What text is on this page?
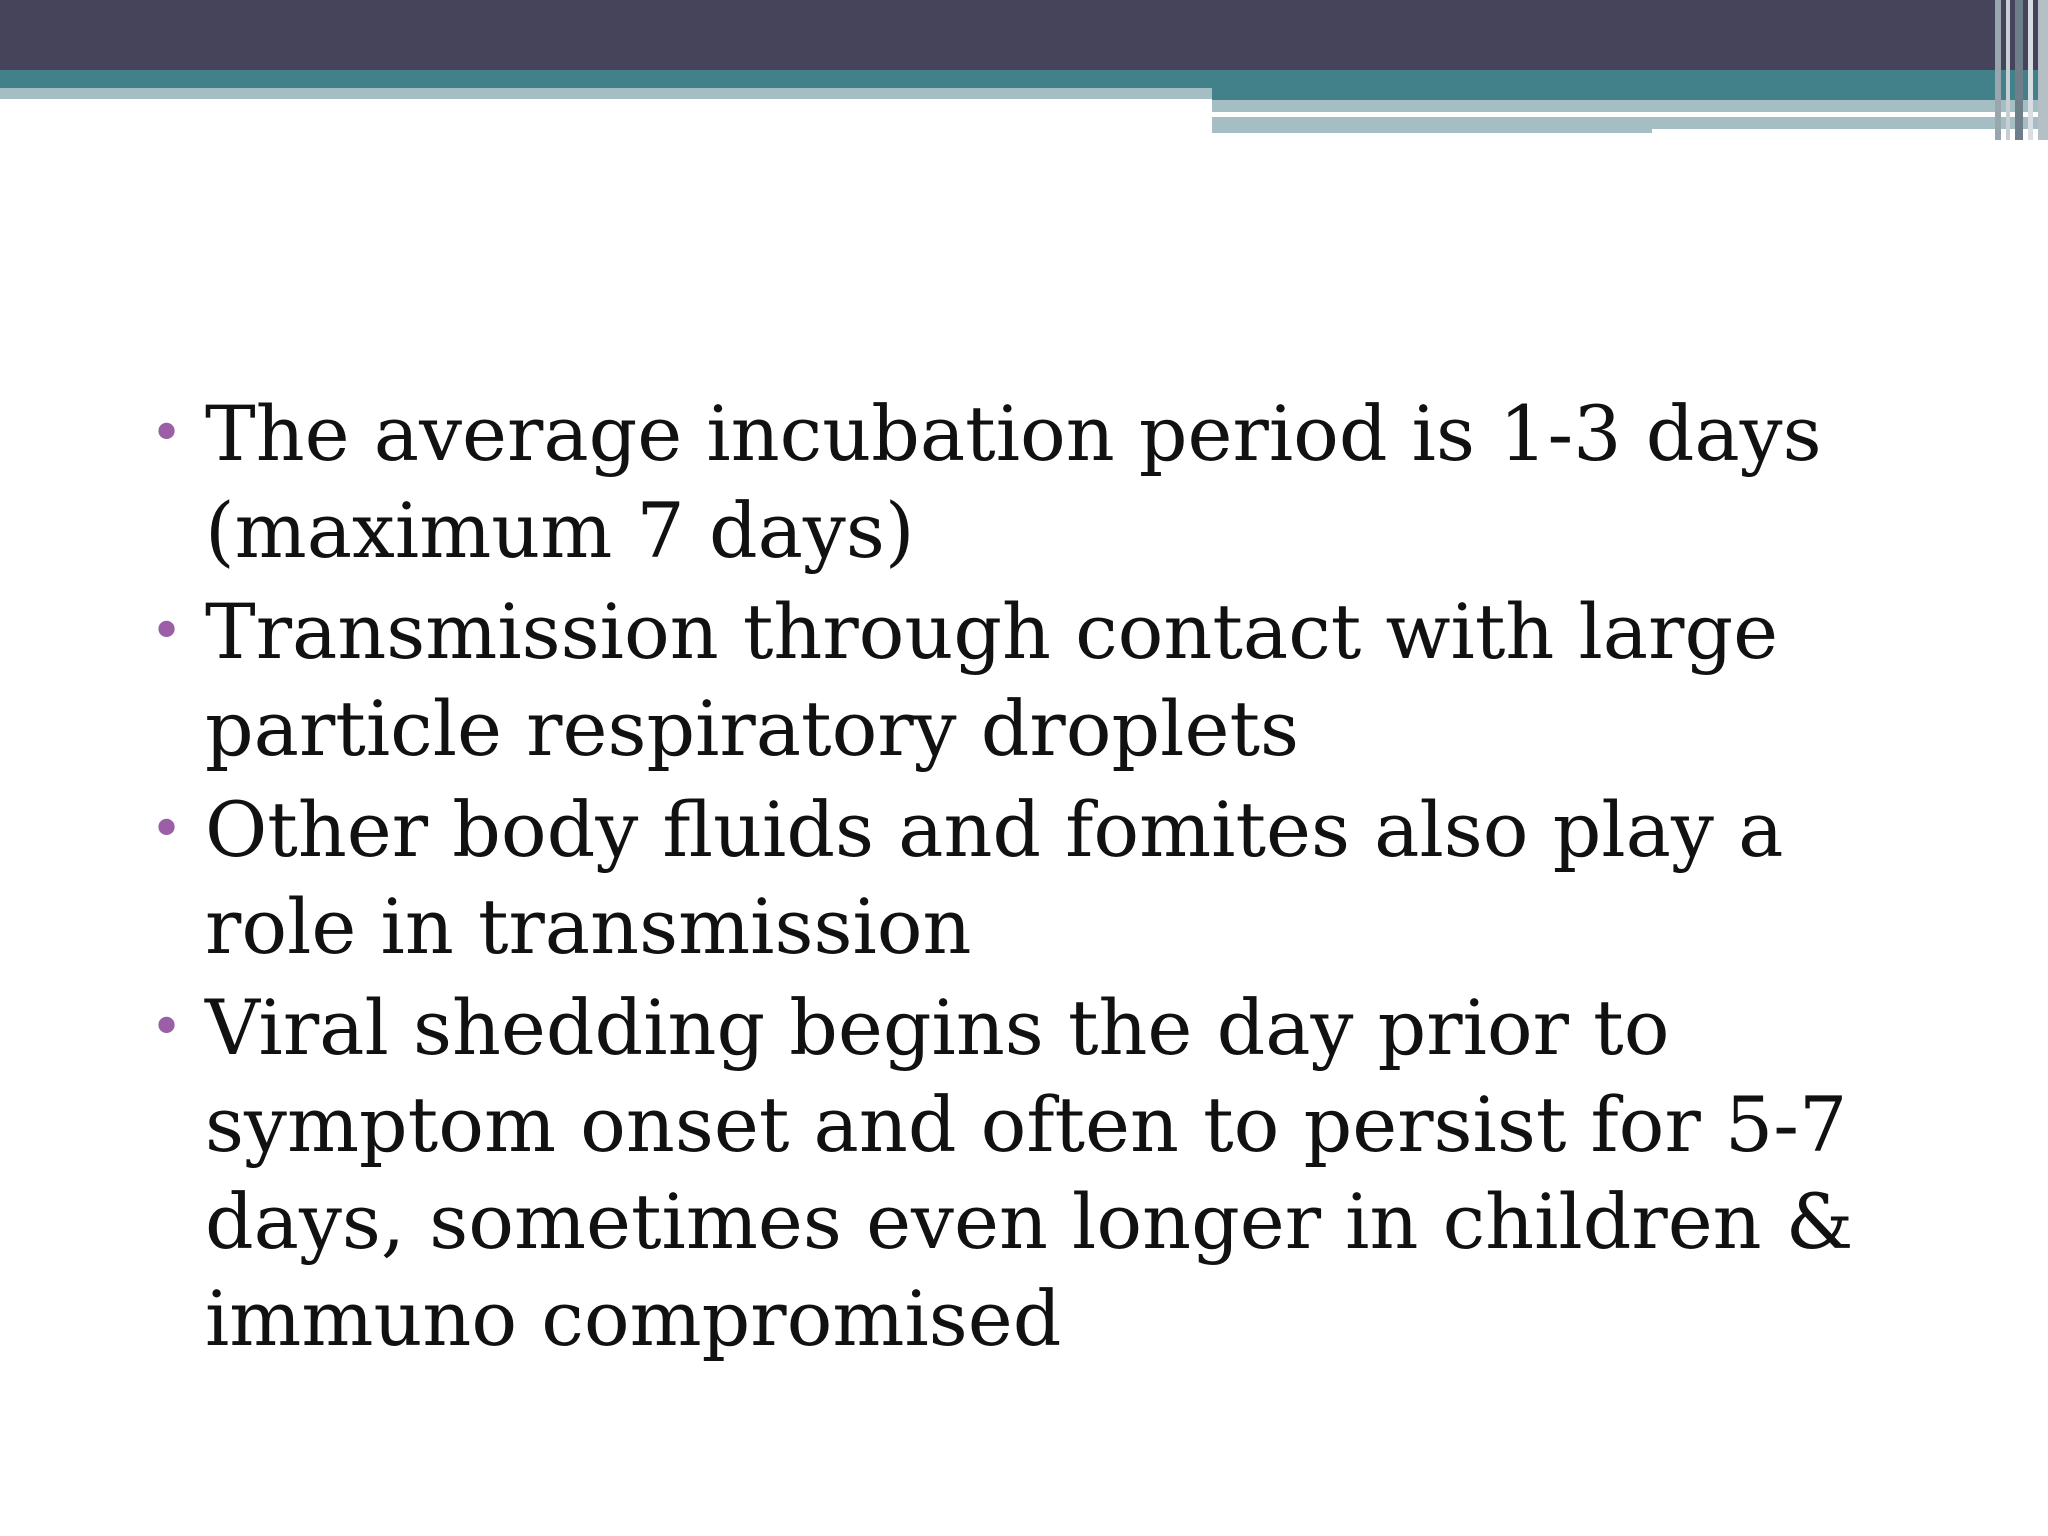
• The average incubation period is 1-3 days (maximum 7 days)
• Transmission through contact with large particle respiratory droplets
• Other body fluids and fomites also play a role in transmission
• Viral shedding begins the day prior to symptom onset and often to persist for 5-7 days, sometimes even longer in children & immuno compromised
